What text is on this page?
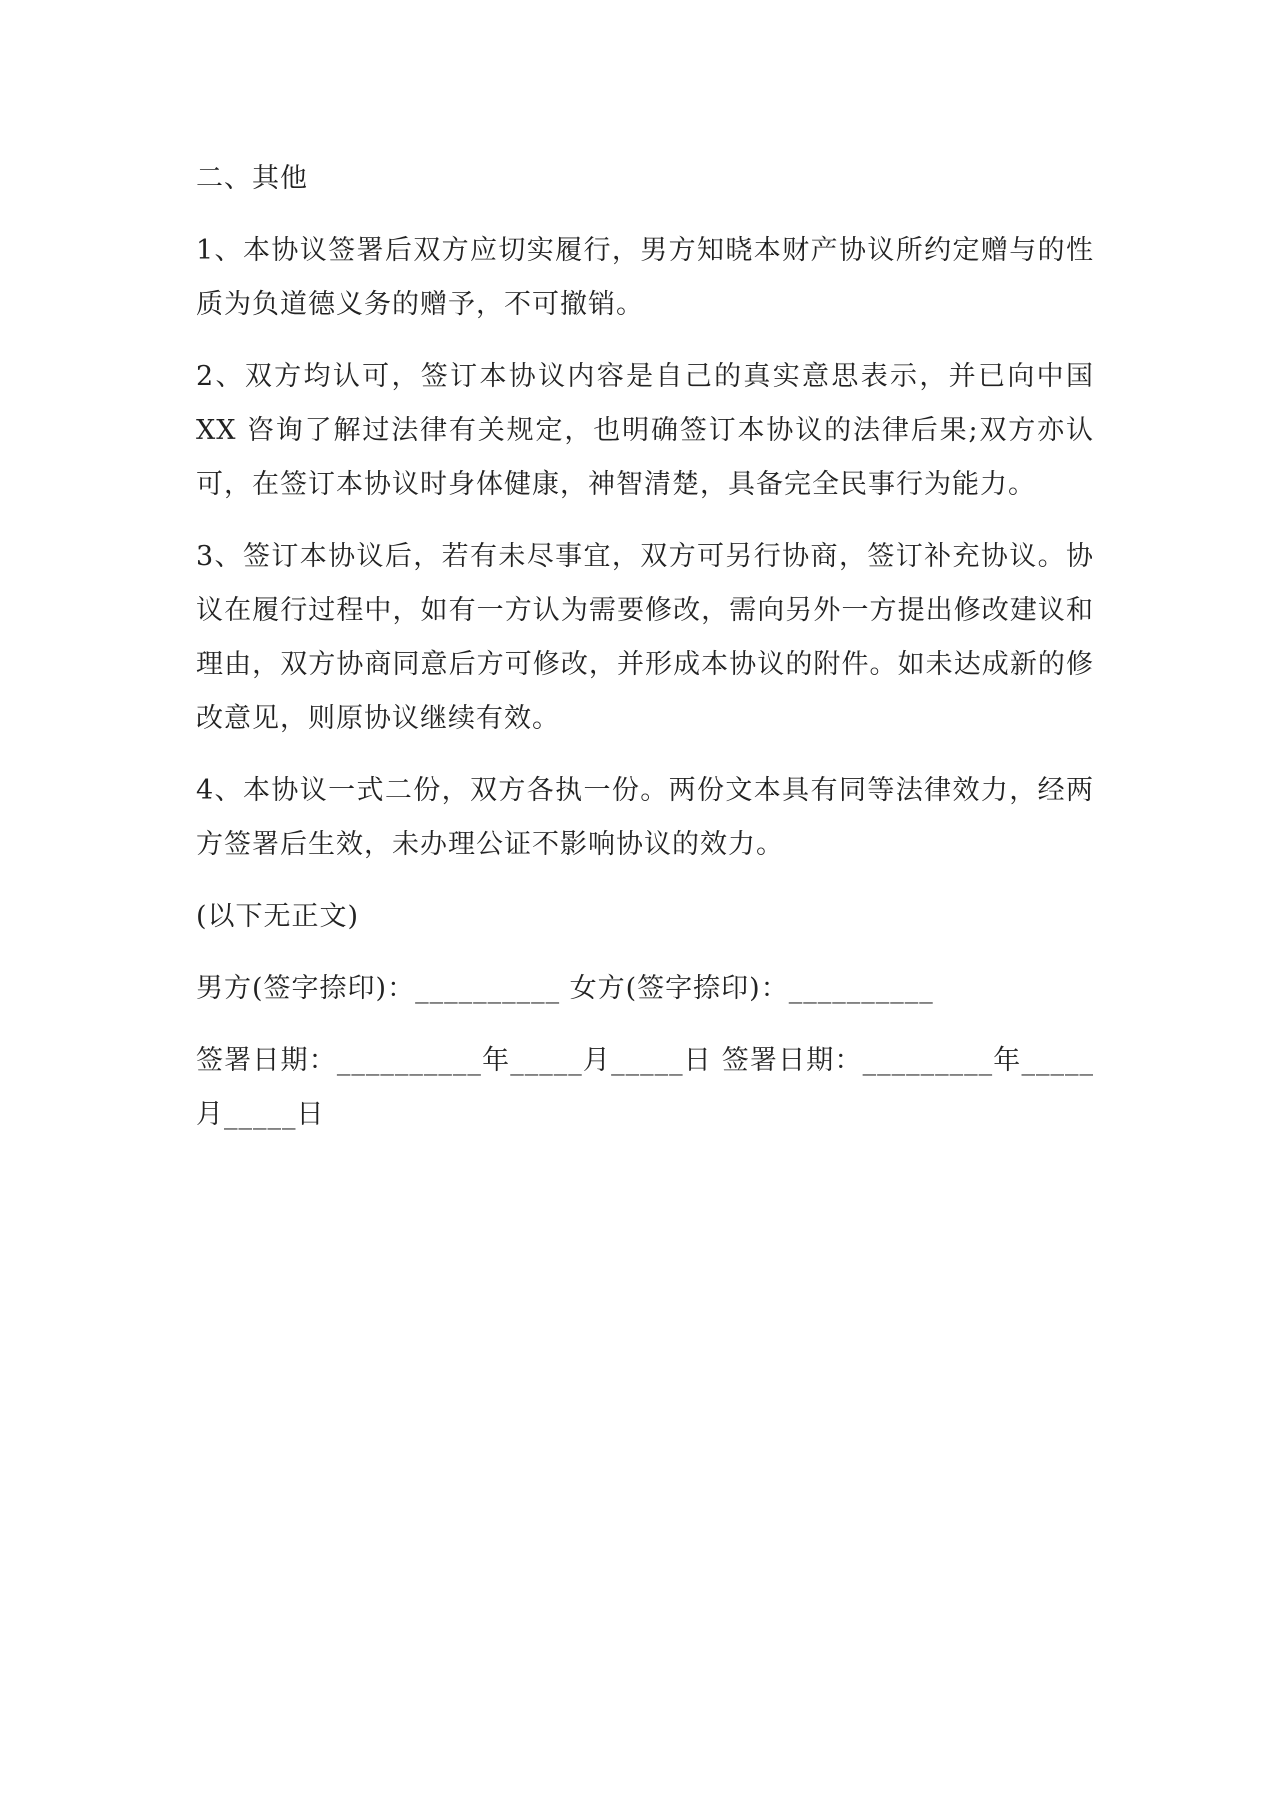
二、其他

1、本协议签署后双方应切实履行，男方知晓本财产协议所约定赠与的性质为负道德义务的赠予，不可撤销。

2、双方均认可，签订本协议内容是自己的真实意思表示，并已向中国 XX 咨询了解过法律有关规定，也明确签订本协议的法律后果;双方亦认可，在签订本协议时身体健康，神智清楚，具备完全民事行为能力。

3、签订本协议后，若有未尽事宜，双方可另行协商，签订补充协议。协议在履行过程中，如有一方认为需要修改，需向另外一方提出修改建议和理由，双方协商同意后方可修改，并形成本协议的附件。如未达成新的修改意见，则原协议继续有效。

4、本协议一式二份，双方各执一份。两份文本具有同等法律效力，经两方签署后生效，未办理公证不影响协议的效力。

(以下无正文)

男方(签字捺印)：__________ 女方(签字捺印)：__________

签署日期：__________年_____月_____日 签署日期：_________年_____月_____日
